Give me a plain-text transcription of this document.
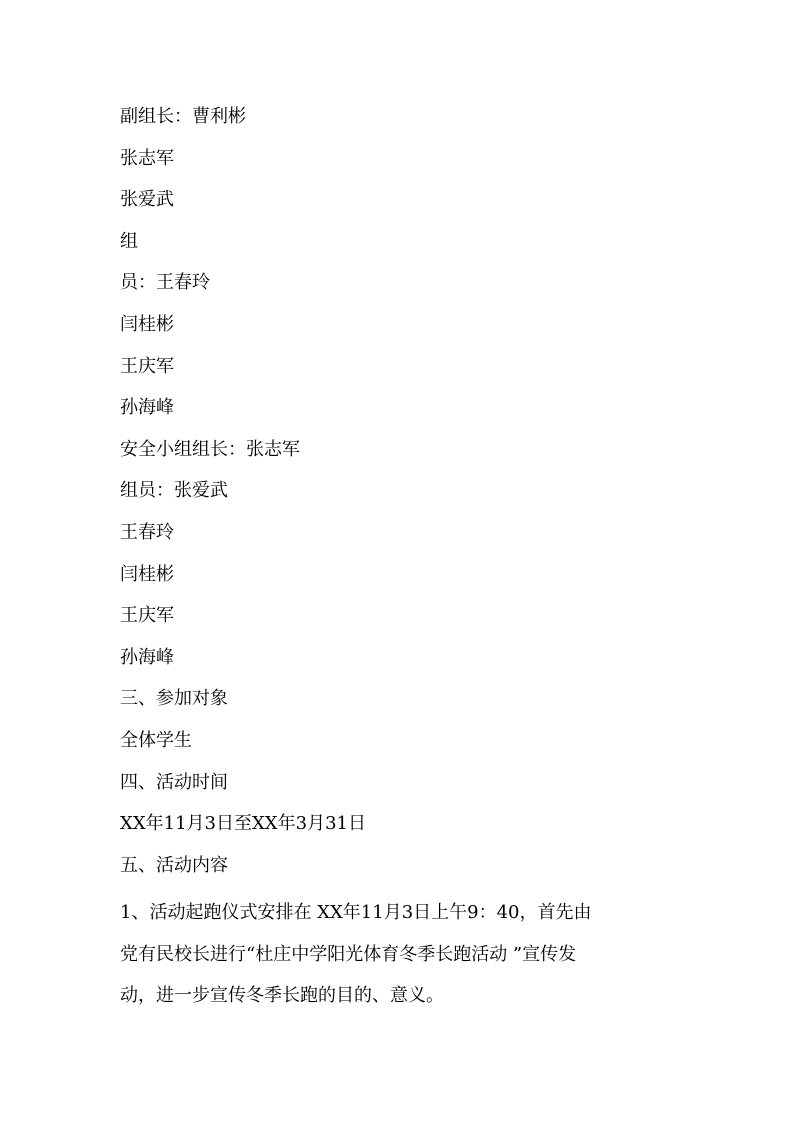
副组长：曹利彬
张志军
张爱武
组
员：王春玲
闫桂彬
王庆军
孙海峰
安全小组组长：张志军
组员：张爱武
王春玲
闫桂彬
王庆军
孙海峰
三、参加对象
全体学生
四、活动时间
XX年11月3日至XX年3月31日
五、活动内容
1、活动起跑仪式安排在 XX年11月3日上午9：40，首先由
党有民校长进行“杜庄中学阳光体育冬季长跑活动 ”宣传发
动，进一步宣传冬季长跑的目的、意义。
